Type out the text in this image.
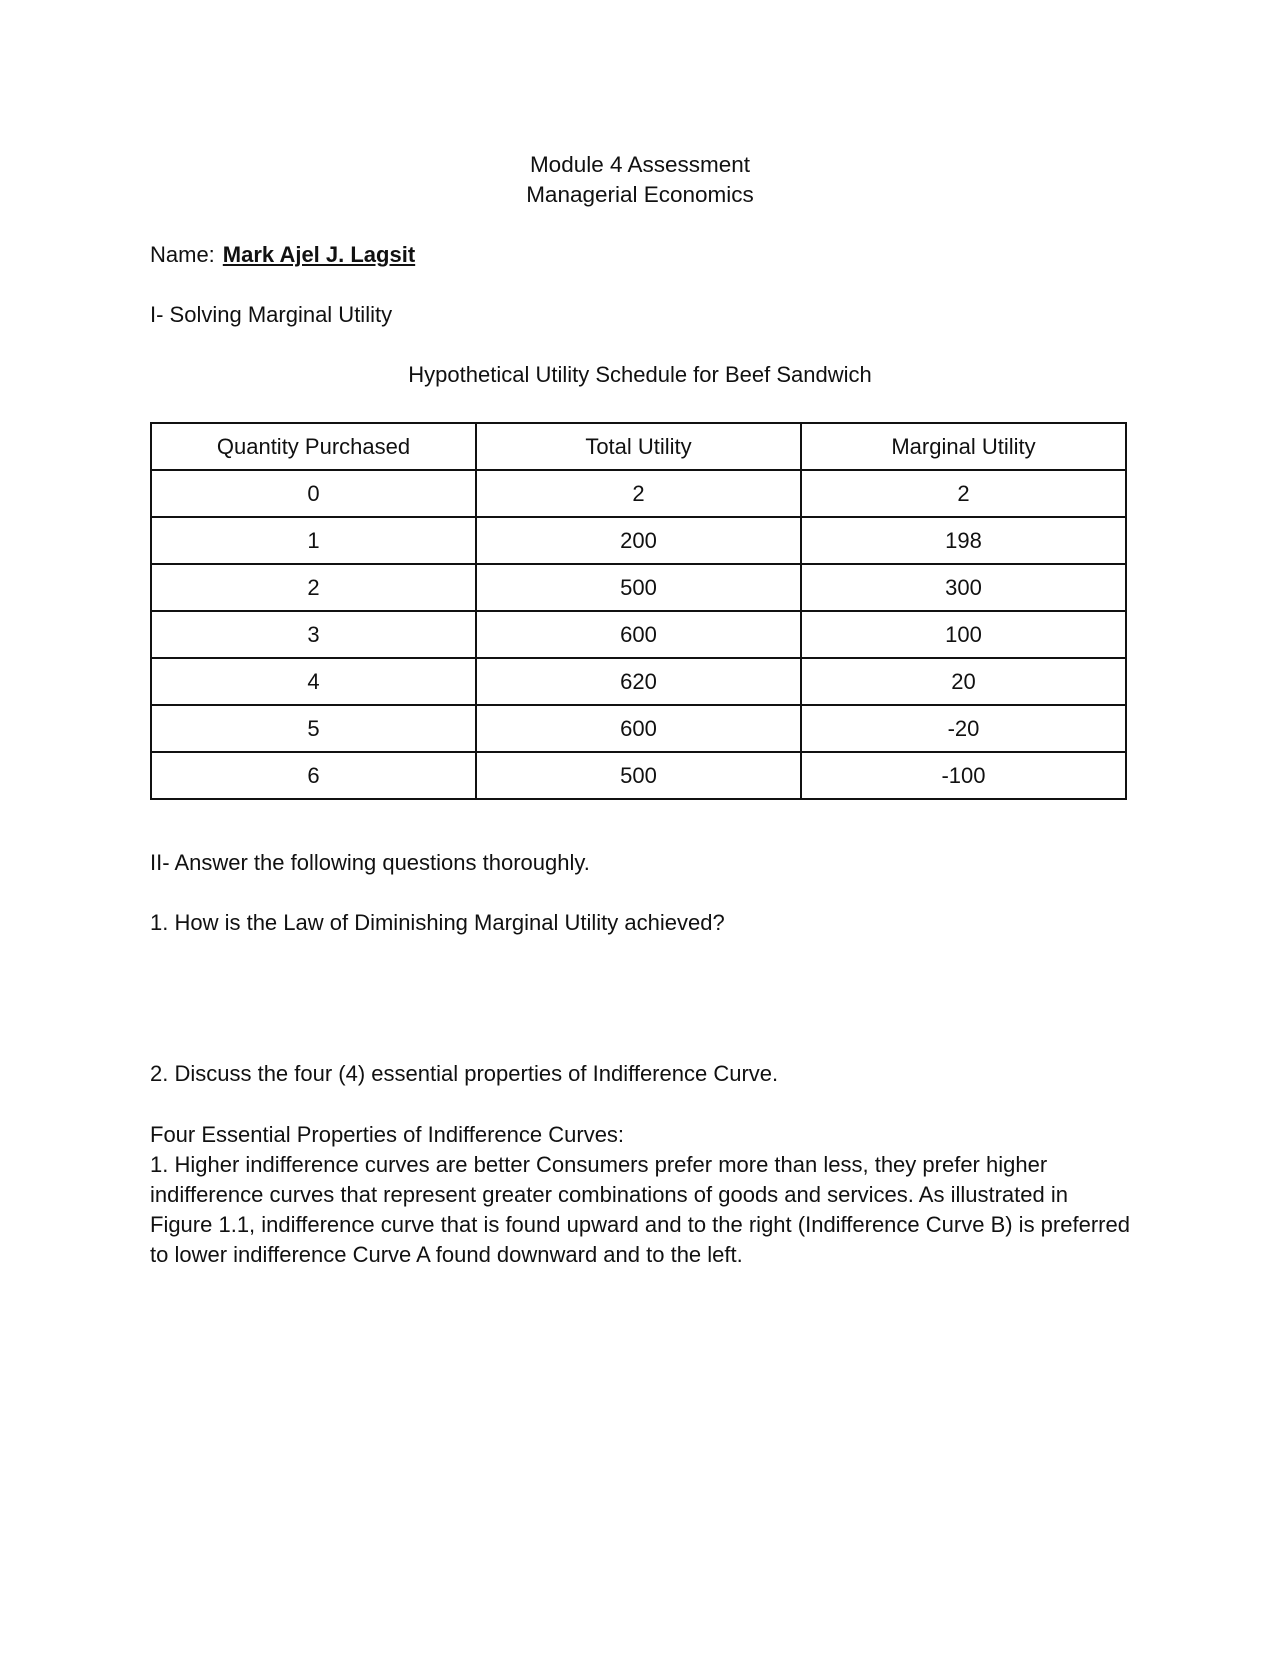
Module 4 Assessment
Managerial Economics
Name: Mark Ajel J. Lagsit
I- Solving Marginal Utility
Hypothetical Utility Schedule for Beef Sandwich
Quantity Purchased	Total Utility	Marginal Utility
0	2	2
1	200	198
2	500	300
3	600	100
4	620	20
5	600	-20
6	500	-100
II- Answer the following questions thoroughly.
1. How is the Law of Diminishing Marginal Utility achieved?
2. Discuss the four (4) essential properties of Indifference Curve.
Four Essential Properties of Indifference Curves:
1. Higher indifference curves are better Consumers prefer more than less, they prefer higher indifference curves that represent greater combinations of goods and services. As illustrated in Figure 1.1, indifference curve that is found upward and to the right (Indifference Curve B) is preferred to lower indifference Curve A found downward and to the left.
